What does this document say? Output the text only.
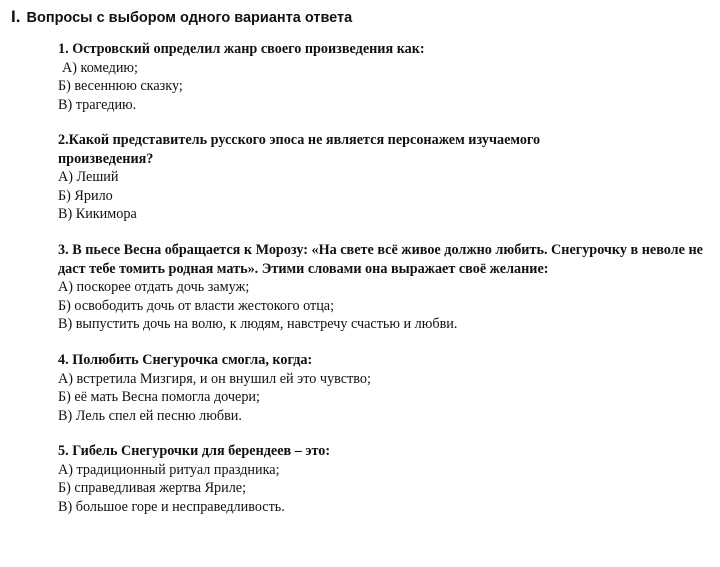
I. Вопросы с выбором одного варианта ответа

1. Островский определил жанр своего произведения как:

А) комедию;

Б) весеннюю сказку;

В) трагедию.

2.Какой представитель русского эпоса не является персонажем изучаемого произведения?

А) Леший

Б) Ярило

В) Кикимора

3. В пьесе Весна обращается к Морозу: «На свете всё живое должно любить. Снегурочку в неволе не даст тебе томить родная мать». Этими словами она выражает своё желание:

А) поскорее отдать дочь замуж;

Б) освободить дочь от власти жестокого отца;

В) выпустить дочь на волю, к людям, навстречу счастью и любви.

4. Полюбить Снегурочка смогла, когда:

А) встретила Мизгиря, и он внушил ей это чувство;

Б) её мать Весна помогла дочери;

В) Лель спел ей песню любви.

5. Гибель Снегурочки для берендеев – это:

А) традиционный ритуал праздника;

Б) справедливая жертва Яриле;

В) большое горе и несправедливость.
